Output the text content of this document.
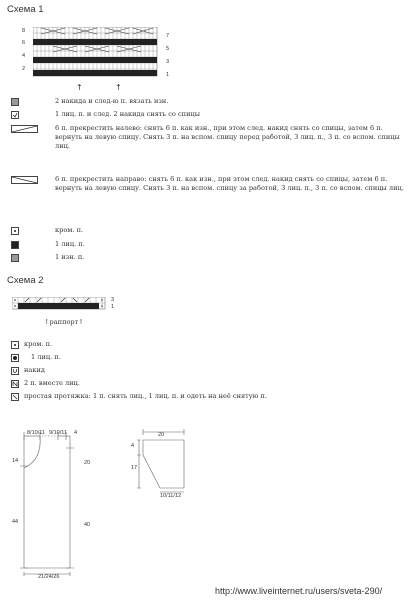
Схема 1
8
7
6
5
4
3
2
1
↑	↑
2 накида и след-ю п. вязать изн.
1 лиц. п. и след. 2 накида снять со спицы
6 п. прекрестить налево: снять 6 п. как изн., при этом след. накид снять со спицы, затем 6 п. вернуть на левую спицу. Снять 3 п. на вспом. спицу перед работой, 3 лиц. п., 3 п. со вспом. спицы лиц.
6 п. прекрестить направо: снять 6 п. как изн., при этом след. накид снять со спицы, затем 6 п. вернуть на левую спицу. Снять 3 п. на вспом. спицу за работой, 3 лиц. п., 3 п. со вспом. спицы лиц.
кром. п.
1 лиц. п.
1 изн. п.
Схема 2
3
1
↑раппорт↑
кром. п.
1 лиц. п.
накид
2 п. вместе лиц.
простая протяжка: 1 п. снять лиц., 1 лиц. п. и одеть на неё снятую п.
8/10/11 9/10/11 4
14
44
20
40
21/24/26
20
4
17
10/11/12
http://www.liveinternet.ru/users/sveta-290/
